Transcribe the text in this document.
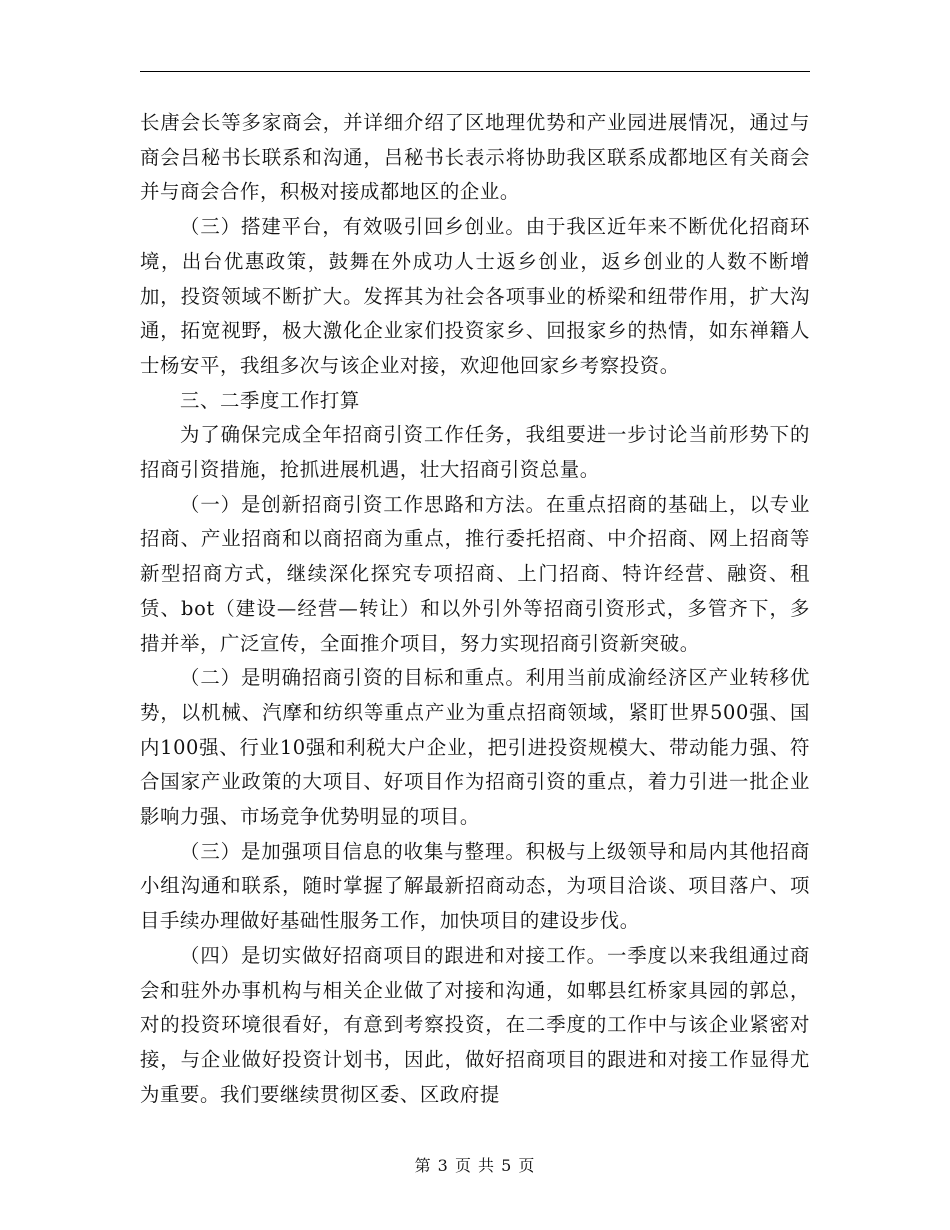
长唐会长等多家商会，并详细介绍了区地理优势和产业园进展情况，通过与商会吕秘书长联系和沟通，吕秘书长表示将协助我区联系成都地区有关商会并与商会合作，积极对接成都地区的企业。

（三）搭建平台，有效吸引回乡创业。由于我区近年来不断优化招商环境，出台优惠政策，鼓舞在外成功人士返乡创业，返乡创业的人数不断增加，投资领域不断扩大。发挥其为社会各项事业的桥梁和纽带作用，扩大沟通，拓宽视野，极大激化企业家们投资家乡、回报家乡的热情，如东禅籍人士杨安平，我组多次与该企业对接，欢迎他回家乡考察投资。

三、二季度工作打算

为了确保完成全年招商引资工作任务，我组要进一步讨论当前形势下的招商引资措施，抢抓进展机遇，壮大招商引资总量。

（一）是创新招商引资工作思路和方法。在重点招商的基础上，以专业招商、产业招商和以商招商为重点，推行委托招商、中介招商、网上招商等新型招商方式，继续深化探究专项招商、上门招商、特许经营、融资、租赁、bot（建设—经营—转让）和以外引外等招商引资形式，多管齐下，多措并举，广泛宣传，全面推介项目，努力实现招商引资新突破。

（二）是明确招商引资的目标和重点。利用当前成渝经济区产业转移优势，以机械、汽摩和纺织等重点产业为重点招商领域，紧盯世界500强、国内100强、行业10强和利税大户企业，把引进投资规模大、带动能力强、符合国家产业政策的大项目、好项目作为招商引资的重点，着力引进一批企业影响力强、市场竞争优势明显的项目。

（三）是加强项目信息的收集与整理。积极与上级领导和局内其他招商小组沟通和联系，随时掌握了解最新招商动态，为项目洽谈、项目落户、项目手续办理做好基础性服务工作，加快项目的建设步伐。

（四）是切实做好招商项目的跟进和对接工作。一季度以来我组通过商会和驻外办事机构与相关企业做了对接和沟通，如郫县红桥家具园的郭总，对的投资环境很看好，有意到考察投资，在二季度的工作中与该企业紧密对接，与企业做好投资计划书，因此，做好招商项目的跟进和对接工作显得尤为重要。我们要继续贯彻区委、区政府提

第 3 页 共 5 页
